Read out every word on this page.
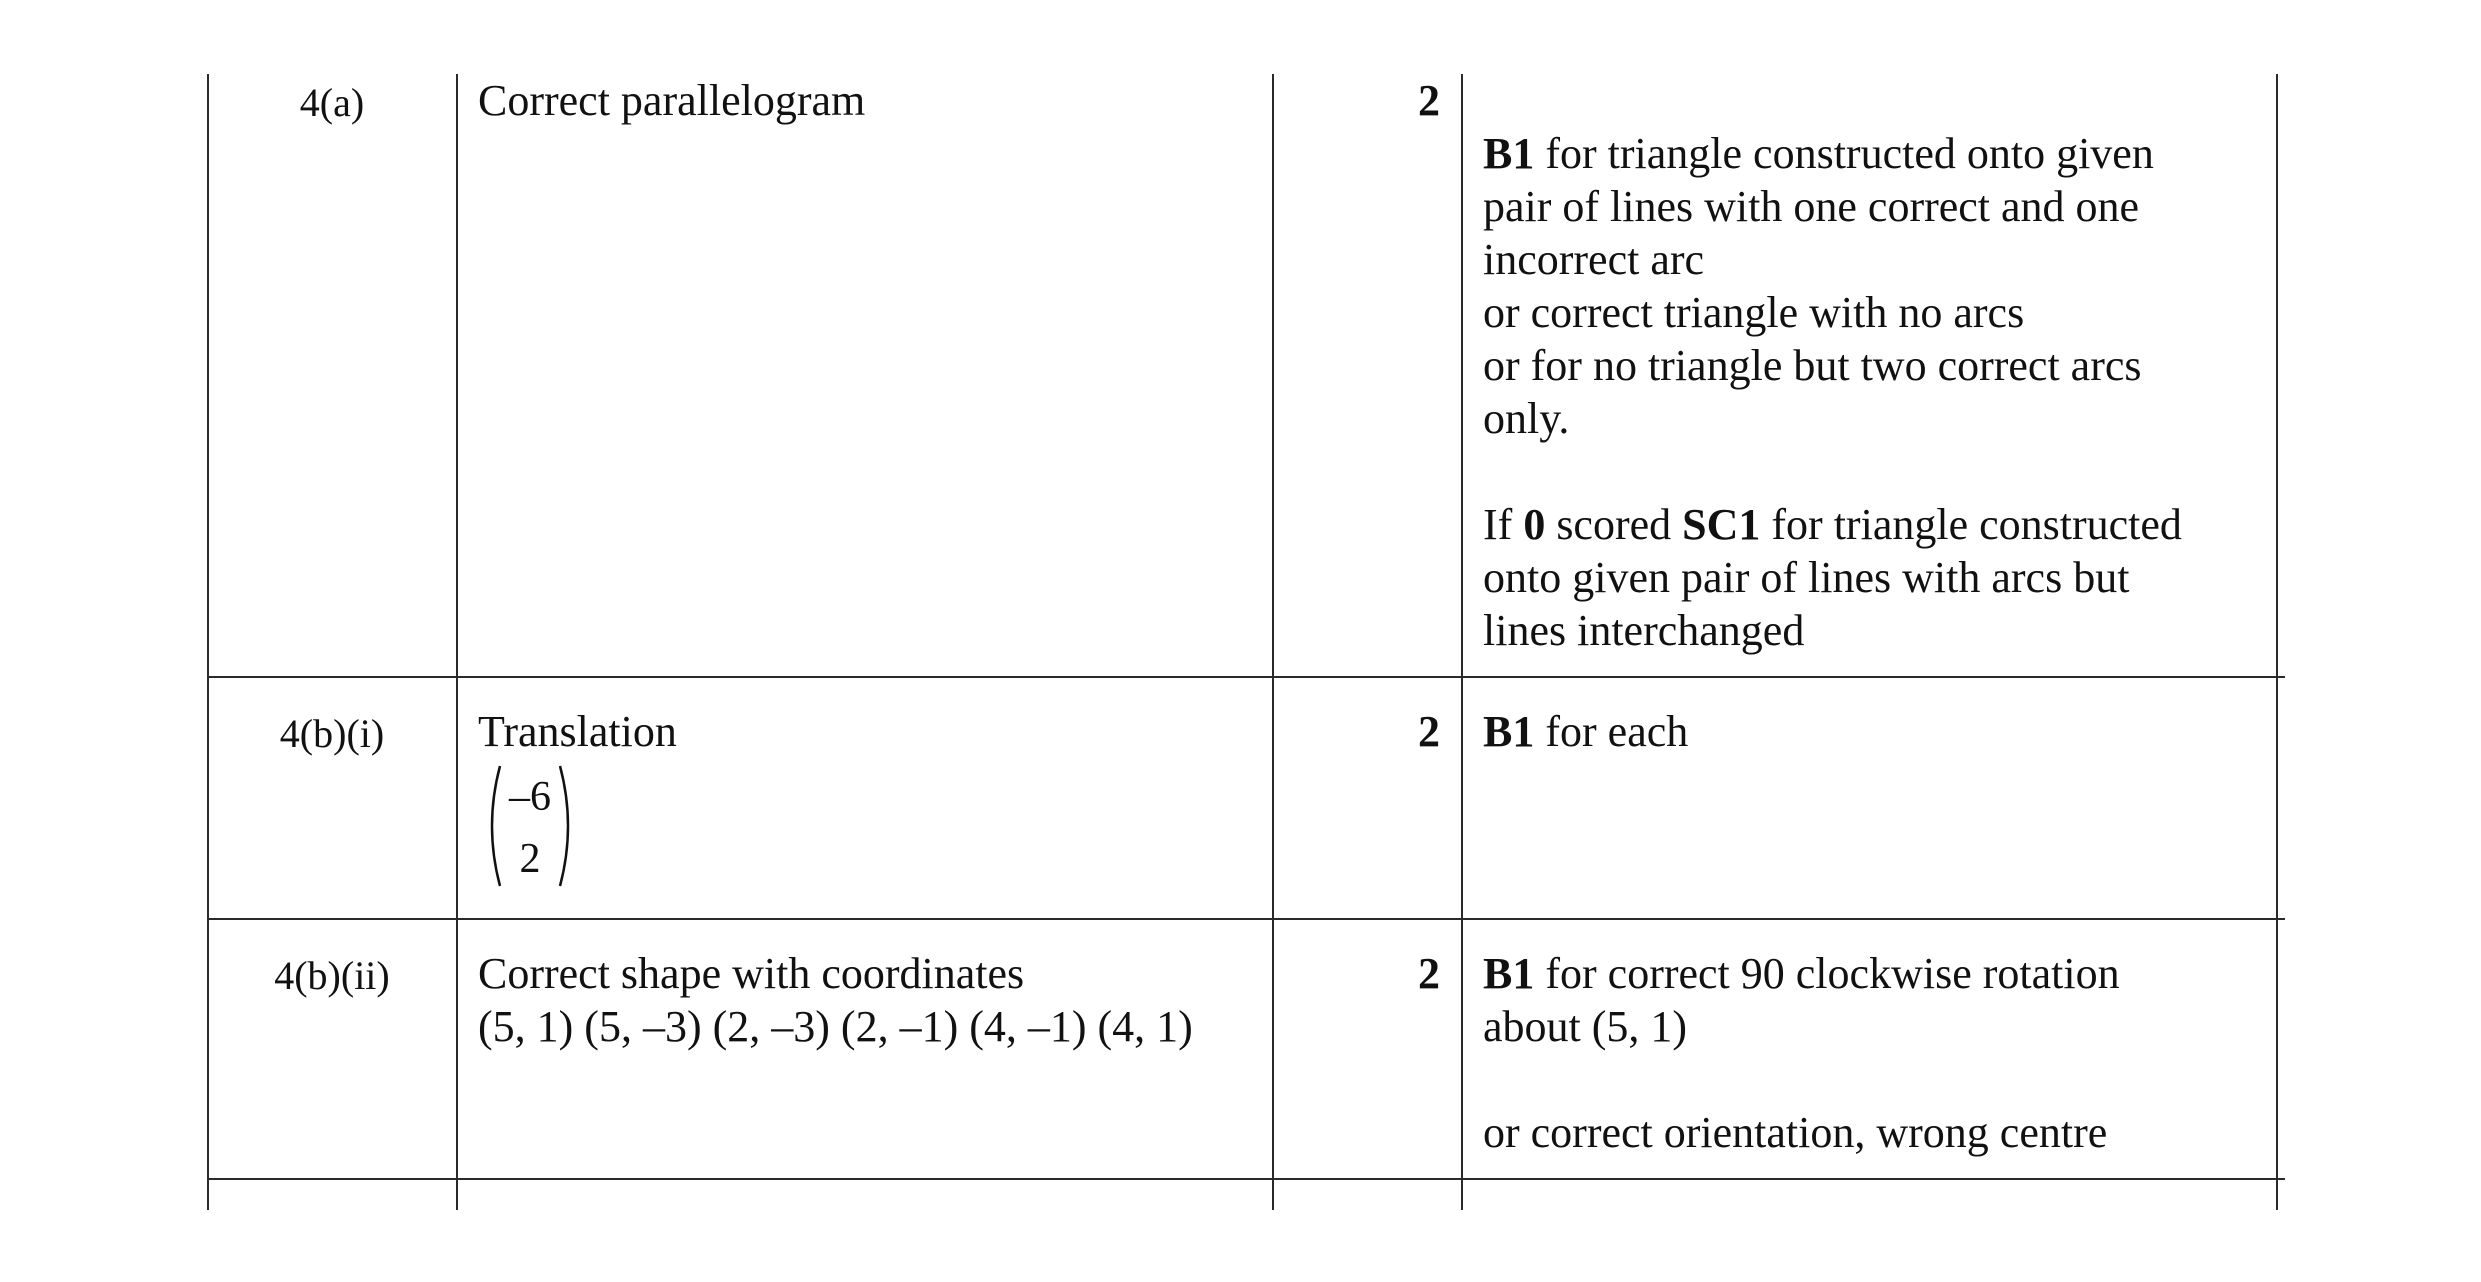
4(a)	Correct parallelogram	2

B1 for triangle constructed onto given

pair of lines with one correct and one

incorrect arc

or correct triangle with no arcs

or for no triangle but two correct arcs

only.

If 0 scored SC1 for triangle constructed

onto given pair of lines with arcs but

lines interchanged

4(b)(i)	Translation
–6
2
2 B1 for each
4(b)(ii)	Correct shape with coordinates
(5, 1) (5, –3) (2, –3) (2, –1) (4, –1) (4, 1)
2 B1 for correct 90 clockwise rotation

about (5, 1)

or correct orientation, wrong centre
